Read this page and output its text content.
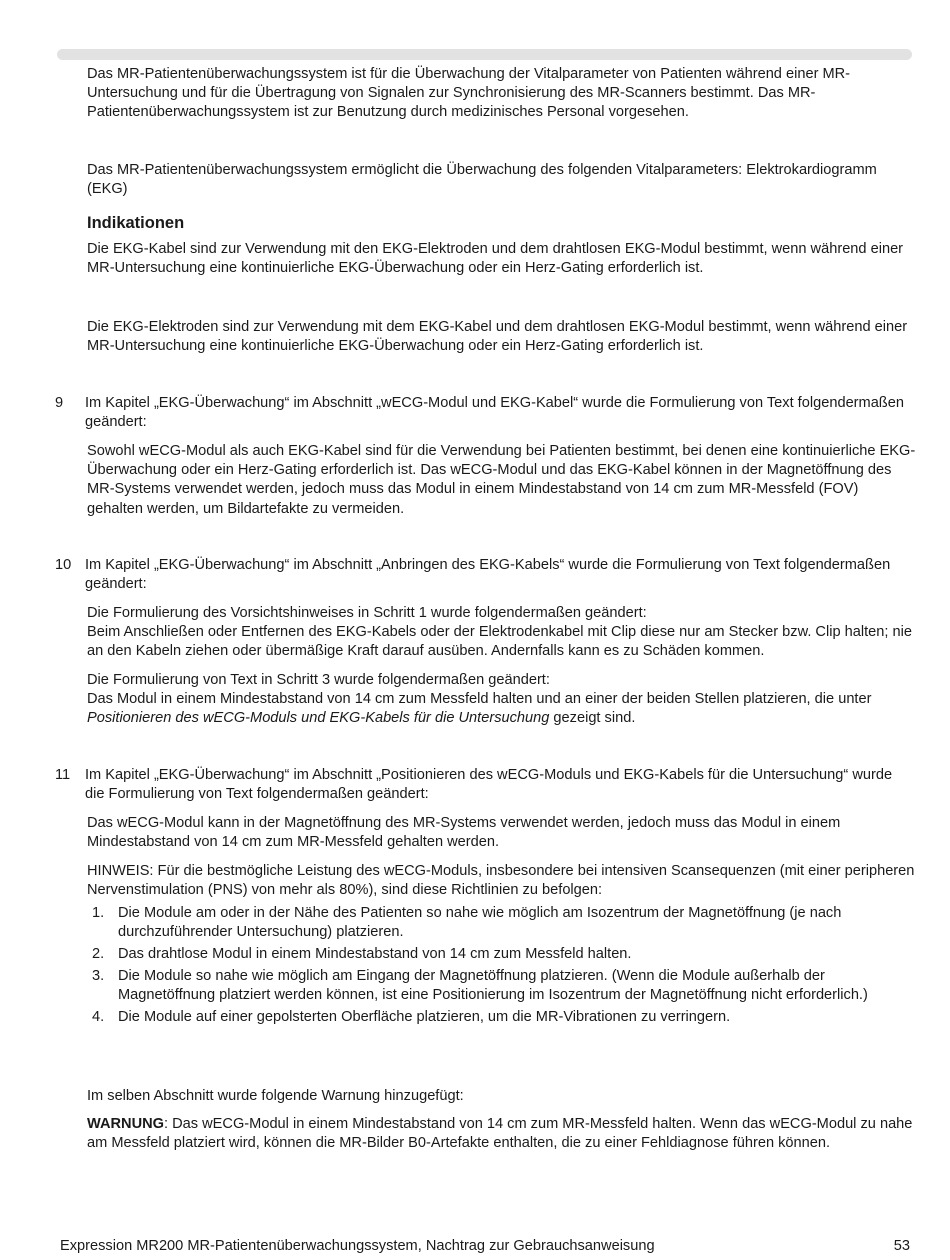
Das MR-Patientenüberwachungssystem ist für die Überwachung der Vitalparameter von Patienten während einer MR-Untersuchung und für die Übertragung von Signalen zur Synchronisierung des MR-Scanners bestimmt. Das MR-Patientenüberwachungssystem ist zur Benutzung durch medizinisches Personal vorgesehen.

Das MR-Patientenüberwachungssystem ermöglicht die Überwachung des folgenden Vitalparameters: Elektrokardiogramm (EKG)

Indikationen

Die EKG-Kabel sind zur Verwendung mit den EKG-Elektroden und dem drahtlosen EKG-Modul bestimmt, wenn während einer MR-Untersuchung eine kontinuierliche EKG-Überwachung oder ein Herz-Gating erforderlich ist.

Die EKG-Elektroden sind zur Verwendung mit dem EKG-Kabel und dem drahtlosen EKG-Modul bestimmt, wenn während einer MR-Untersuchung eine kontinuierliche EKG-Überwachung oder ein Herz-Gating erforderlich ist.

9	Im Kapitel „EKG-Überwachung“ im Abschnitt „wECG-Modul und EKG-Kabel“ wurde die Formulierung von Text folgendermaßen geändert:

Sowohl wECG-Modul als auch EKG-Kabel sind für die Verwendung bei Patienten bestimmt, bei denen eine kontinuierliche EKG-Überwachung oder ein Herz-Gating erforderlich ist. Das wECG-Modul und das EKG-Kabel können in der Magnetöffnung des MR-Systems verwendet werden, jedoch muss das Modul in einem Mindestabstand von 14 cm zum MR-Messfeld (FOV) gehalten werden, um Bildartefakte zu vermeiden.

10 Im Kapitel „EKG-Überwachung“ im Abschnitt „Anbringen des EKG-Kabels“ wurde die Formulierung von Text folgendermaßen geändert:

Die Formulierung des Vorsichtshinweises in Schritt 1 wurde folgendermaßen geändert:

Beim Anschließen oder Entfernen des EKG-Kabels oder der Elektrodenkabel mit Clip diese nur am Stecker bzw. Clip halten; nie an den Kabeln ziehen oder übermäßige Kraft darauf ausüben. Andernfalls kann es zu Schäden kommen.

Die Formulierung von Text in Schritt 3 wurde folgendermaßen geändert:

Das Modul in einem Mindestabstand von 14 cm zum Messfeld halten und an einer der beiden Stellen platzieren, die unter Positionieren des wECG-Moduls und EKG-Kabels für die Untersuchung gezeigt sind.

11	Im Kapitel „EKG-Überwachung“ im Abschnitt „Positionieren des wECG-Moduls und EKG-Kabels für die Untersuchung“ wurde die Formulierung von Text folgendermaßen geändert:

Das wECG-Modul kann in der Magnetöffnung des MR-Systems verwendet werden, jedoch muss das Modul in einem Mindestabstand von 14 cm zum MR-Messfeld gehalten werden.

HINWEIS: Für die bestmögliche Leistung des wECG-Moduls, insbesondere bei intensiven Scansequenzen (mit einer peripheren Nervenstimulation (PNS) von mehr als 80%), sind diese Richtlinien zu befolgen:

1. Die Module am oder in der Nähe des Patienten so nahe wie möglich am Isozentrum der Magnetöffnung (je nach durchzuführender Untersuchung) platzieren.
2. Das drahtlose Modul in einem Mindestabstand von 14 cm zum Messfeld halten.
3. Die Module so nahe wie möglich am Eingang der Magnetöffnung platzieren. (Wenn die Module außerhalb der Magnetöffnung platziert werden können, ist eine Positionierung im Isozentrum der Magnetöffnung nicht erforderlich.)
4. Die Module auf einer gepolsterten Oberfläche platzieren, um die MR-Vibrationen zu verringern.

Im selben Abschnitt wurde folgende Warnung hinzugefügt:

WARNUNG: Das wECG-Modul in einem Mindestabstand von 14 cm zum MR-Messfeld halten. Wenn das wECG-Modul zu nahe am Messfeld platziert wird, können die MR-Bilder B0-Artefakte enthalten, die zu einer Fehldiagnose führen können.

Expression MR200 MR-Patientenüberwachungssystem, Nachtrag zur Gebrauchsanweisung	53
